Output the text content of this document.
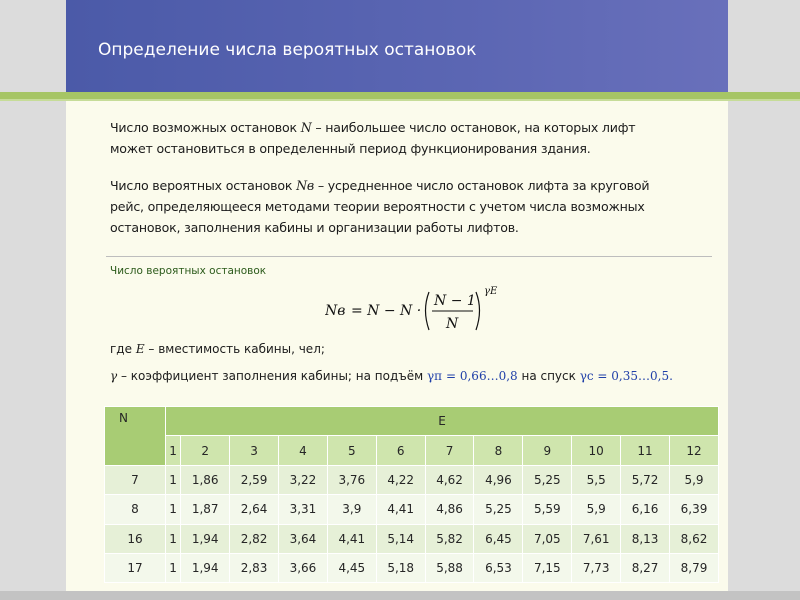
Определение числа вероятных остановок
Число возможных остановок N – наибольшее число остановок, на которых лифт
может остановиться в определенный период функционирования здания.
Число вероятных остановок Nв – усредненное число остановок лифта за круговой
рейс, определяющееся методами теории вероятности с учетом числа возможных
остановок, заполнения кабины и организации работы лифтов.
Число вероятных остановок
Nв = N − N ·
N − 1
N
γE
где E – вместимость кабины, чел;
γ – коэффициент заполнения кабины; на подъём γп = 0,66…0,8 на спуск γс = 0,35…0,5.
N	E											
	1	2	3	4	5	6	7	8	9	10	11	12
7	1	1,86	2,59	3,22	3,76	4,22	4,62	4,96	5,25	5,5	5,72	5,9
8	1	1,87	2,64	3,31	3,9	4,41	4,86	5,25	5,59	5,9	6,16	6,39
16	1	1,94	2,82	3,64	4,41	5,14	5,82	6,45	7,05	7,61	8,13	8,62
17	1	1,94	2,83	3,66	4,45	5,18	5,88	6,53	7,15	7,73	8,27	8,79
